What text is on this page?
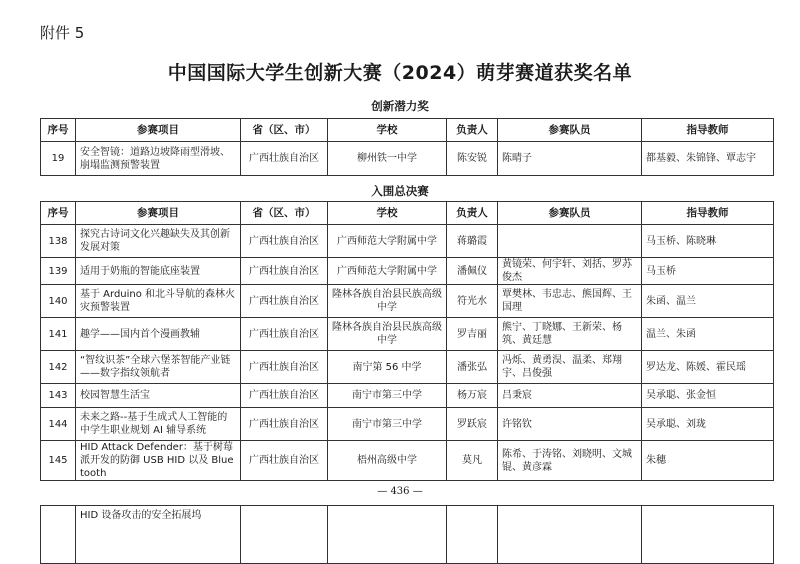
附件 5
中国国际大学生创新大赛（2024）萌芽赛道获奖名单
创新潜力奖
序号	参赛项目	省（区、市）	学校	负责人	参赛队员	指导教师
19	安全智镜：道路边坡降雨型滑坡、崩塌监测预警装置	广西壮族自治区	柳州铁一中学	陈安锐	陈晴子	都基毅、朱锦锋、覃志宇
入围总决赛
序号	参赛项目	省（区、市）	学校	负责人	参赛队员	指导教师
138	探究古诗词文化兴趣缺失及其创新发展对策	广西壮族自治区	广西师范大学附属中学	蒋璐霞		马玉桥、陈晓琳
139	适用于奶瓶的智能底座装置	广西壮族自治区	广西师范大学附属中学	潘佩仪	黄镜荣、何宇轩、刘括、罗苏俊杰	马玉桥
140	基于 Arduino 和北斗导航的森林火灾预警装置	广西壮族自治区	隆林各族自治县民族高级中学	符光水	覃樊林、韦忠志、熊国辉、王国理	朱函、温兰
141	趣学——国内首个漫画教辅	广西壮族自治区	隆林各族自治县民族高级中学	罗吉丽	熊宁、丁晓娜、王新荣、杨筑、黄廷慧	温兰、朱函
142	“智纹识茶”全球六堡茶智能产业链——数字指纹领航者	广西壮族自治区	南宁第 56 中学	潘张弘	冯烁、黄勇淏、温柔、郑翔宇、吕俊强	罗达龙、陈媛、霍民瑶
143	校园智慧生活宝	广西壮族自治区	南宁市第三中学	杨万宸	吕秉宸	吴承聪、张金恒
144	未来之路--基于生成式人工智能的中学生职业规划 AI 辅导系统	广西壮族自治区	南宁市第三中学	罗跃宸	许铭钦	吴承聪、刘珑
145	HID Attack Defender：基于树莓派开发的防御 USB HID 以及 Bluetooth	广西壮族自治区	梧州高级中学	莫凡	陈希、于涛铭、刘晓明、文城锟、黄彦霖	朱穗
— 436 —
	HID 设备攻击的安全拓展坞					
